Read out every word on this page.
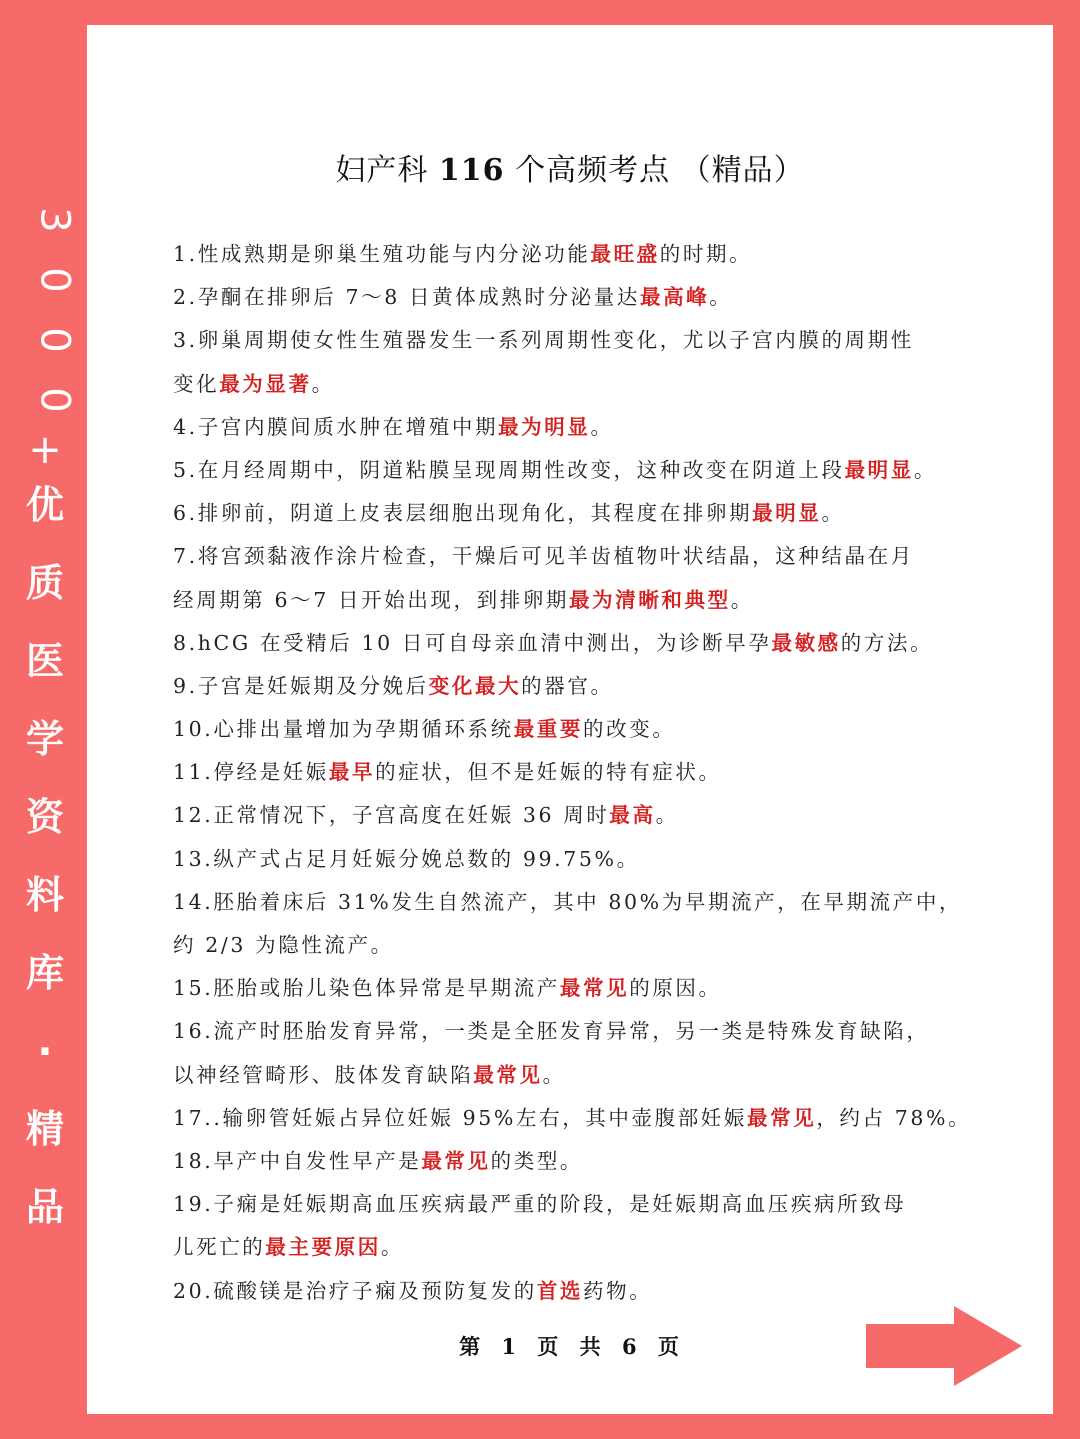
3
0
0
0
+
优
质
医
学
资
料
库
·
精
品
妇产科 116 个高频考点 （精品）
1.性成熟期是卵巢生殖功能与内分泌功能最旺盛的时期。
2.孕酮在排卵后 7～8 日黄体成熟时分泌量达最高峰。
3.卵巢周期使女性生殖器发生一系列周期性变化，尤以子宫内膜的周期性
变化最为显著。
4.子宫内膜间质水肿在增殖中期最为明显。
5.在月经周期中，阴道粘膜呈现周期性改变，这种改变在阴道上段最明显。
6.排卵前，阴道上皮表层细胞出现角化，其程度在排卵期最明显。
7.将宫颈黏液作涂片检查，干燥后可见羊齿植物叶状结晶，这种结晶在月
经周期第 6～7 日开始出现，到排卵期最为清晰和典型。
8.hCG 在受精后 10 日可自母亲血清中测出，为诊断早孕最敏感的方法。
9.子宫是妊娠期及分娩后变化最大的器官。
10.心排出量增加为孕期循环系统最重要的改变。
11.停经是妊娠最早的症状，但不是妊娠的特有症状。
12.正常情况下，子宫高度在妊娠 36 周时最高。
13.纵产式占足月妊娠分娩总数的 99.75%。
14.胚胎着床后 31%发生自然流产，其中 80%为早期流产，在早期流产中，
约 2/3 为隐性流产。
15.胚胎或胎儿染色体异常是早期流产最常见的原因。
16.流产时胚胎发育异常，一类是全胚发育异常，另一类是特殊发育缺陷，
以神经管畸形、肢体发育缺陷最常见。
17..输卵管妊娠占异位妊娠 95%左右，其中壶腹部妊娠最常见，约占 78%。
18.早产中自发性早产是最常见的类型。
19.子痫是妊娠期高血压疾病最严重的阶段，是妊娠期高血压疾病所致母
儿死亡的最主要原因。
20.硫酸镁是治疗子痫及预防复发的首选药物。
第 1 页 共 6 页
